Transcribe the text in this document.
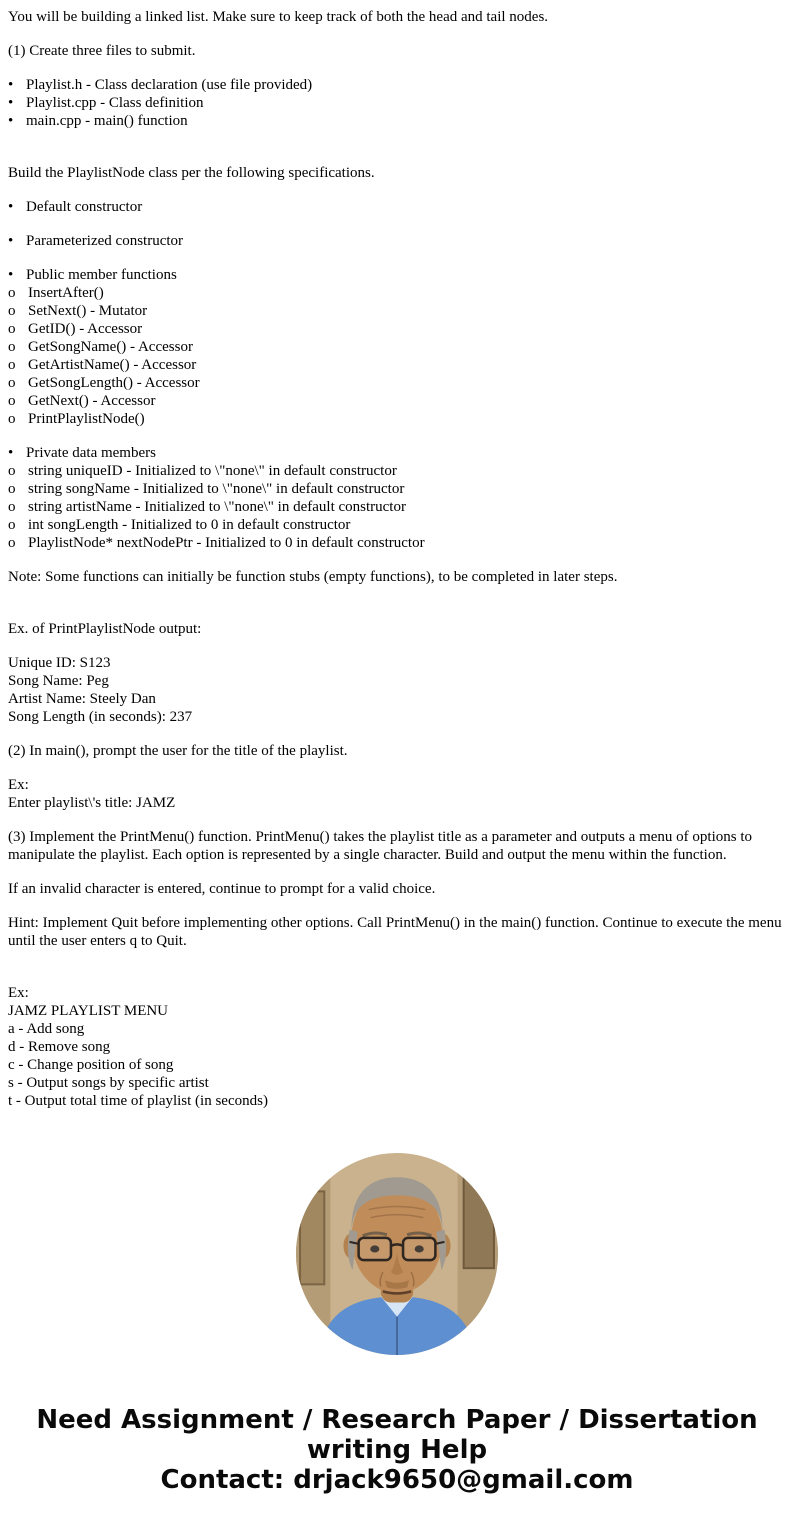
You will be building a linked list. Make sure to keep track of both the head and tail nodes.
(1) Create three files to submit.
• Playlist.h - Class declaration (use file provided)
• Playlist.cpp - Class definition
• main.cpp - main() function
Build the PlaylistNode class per the following specifications.
• Default constructor
• Parameterized constructor
• Public member functions
o InsertAfter()
o SetNext() - Mutator
o GetID() - Accessor
o GetSongName() - Accessor
o GetArtistName() - Accessor
o GetSongLength() - Accessor
o GetNext() - Accessor
o PrintPlaylistNode()
• Private data members
o string uniqueID - Initialized to \"none\" in default constructor
o string songName - Initialized to \"none\" in default constructor
o string artistName - Initialized to \"none\" in default constructor
o int songLength - Initialized to 0 in default constructor
o PlaylistNode* nextNodePtr - Initialized to 0 in default constructor
Note: Some functions can initially be function stubs (empty functions), to be completed in later steps.
Ex. of PrintPlaylistNode output:
Unique ID: S123
Song Name: Peg
Artist Name: Steely Dan
Song Length (in seconds): 237
(2) In main(), prompt the user for the title of the playlist.
Ex:
Enter playlist\'s title: JAMZ
(3) Implement the PrintMenu() function. PrintMenu() takes the playlist title as a parameter and outputs a menu of options to manipulate the playlist. Each option is represented by a single character. Build and output the menu within the function.
If an invalid character is entered, continue to prompt for a valid choice.
Hint: Implement Quit before implementing other options. Call PrintMenu() in the main() function. Continue to execute the menu until the user enters q to Quit.
Ex:
JAMZ PLAYLIST MENU
a - Add song
d - Remove song
c - Change position of song
s - Output songs by specific artist
t - Output total time of playlist (in seconds)
Need Assignment / Research Paper / Dissertation
writing Help
Contact: drjack9650@gmail.com
